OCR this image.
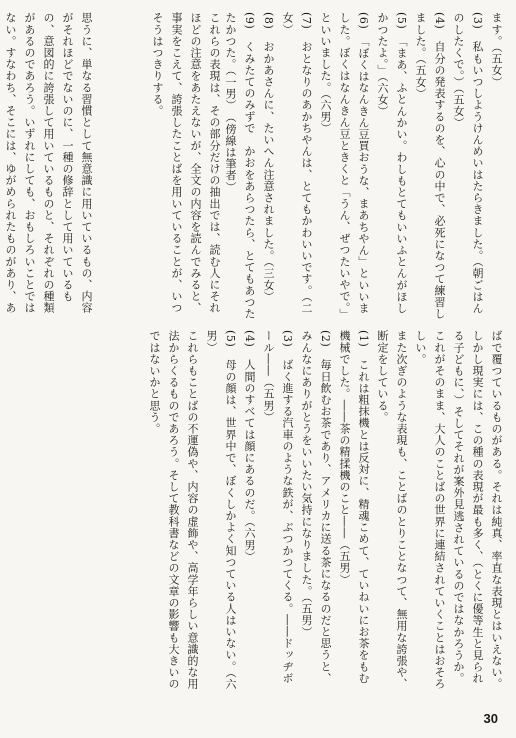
ます。（五女）
(3)　私もいつしようけんめいはたらきました。（朝ごはんのしたくで。）（五女）
(4)　自分の発表するのを、心の中で、必死になつて練習しました。（五女）
(5)　「まあ、ふとんかい。わしもとてもいいふとんがほしかつたよ。」（六女）
(6)　「ぼくはなんきん豆買おうな、まあちやん」といいました。ぼくはなんきん豆ときくと「うん、ぜつたいやで。」といいました。（六男）
(7)　おとなりのあかちやんは、とてもかわいいです。（二女）
(8)　おかあさんに、たいへん注意されました。（三女）
(9)　くみたてのみずで　かおをあらつたら、とてもあつたたかつた。（一男）　（傍線は筆者）
これらの表現は、その部分だけの抽出では、読む人にそれほどの注意をあたえないが、全文の内容を読んでみると、事実をこえて、誇張したことばを用いていることが、いつそうはつきりする。
思うに、単なる習慣として無意識に用いているもの、内容がそれほどでないのに、一種の修辞として用いているもの、意図的に誇張して用いているものと、それぞれの種類があるのであろう。いずれにしても、おもしろいことではない。すなわち、そこには、ゆがめられたものがあり、あ
ばで覆つているものがある。それは純真、率直な表現とはいえない。しかし現実には、この種の表現が最も多く、（とくに優等生と見られる子どもに、）そしてそれが案外見逃されているのではなかろうか。
これがそのまま、大人のことばの世界に連結されていくことはおそろしい。
また次ぎのような表現も、ことばのとりことなつて、無用な誇張や、断定をしている。
(1)　これは粗抹機とは反対に、精魂こめて、ていねいにお茶をもむ機械でした。――茶の精揉機のこと――（五男）
(2)　毎日飲むお茶であり、アメリカに送る茶になるのだと思うと、みんなにありがとうをいいたい気持になりました。（五男）
(3)　ばく進する汽車のような鉄が、ぶつかつてくる。――ドッヂボール――（五男）
(4)　人間のすべては顔にあるのだ。（六男）
(5)　母の顔は、世界中で、ぼくしかよく知つている人はいない。（六男）
これらもことばの不運偽や、内容の虚飾や、高学年らしい意識的な用法からくるものであろう。そして教科書などの文章の影響も大きいのではないかと思う。
30
